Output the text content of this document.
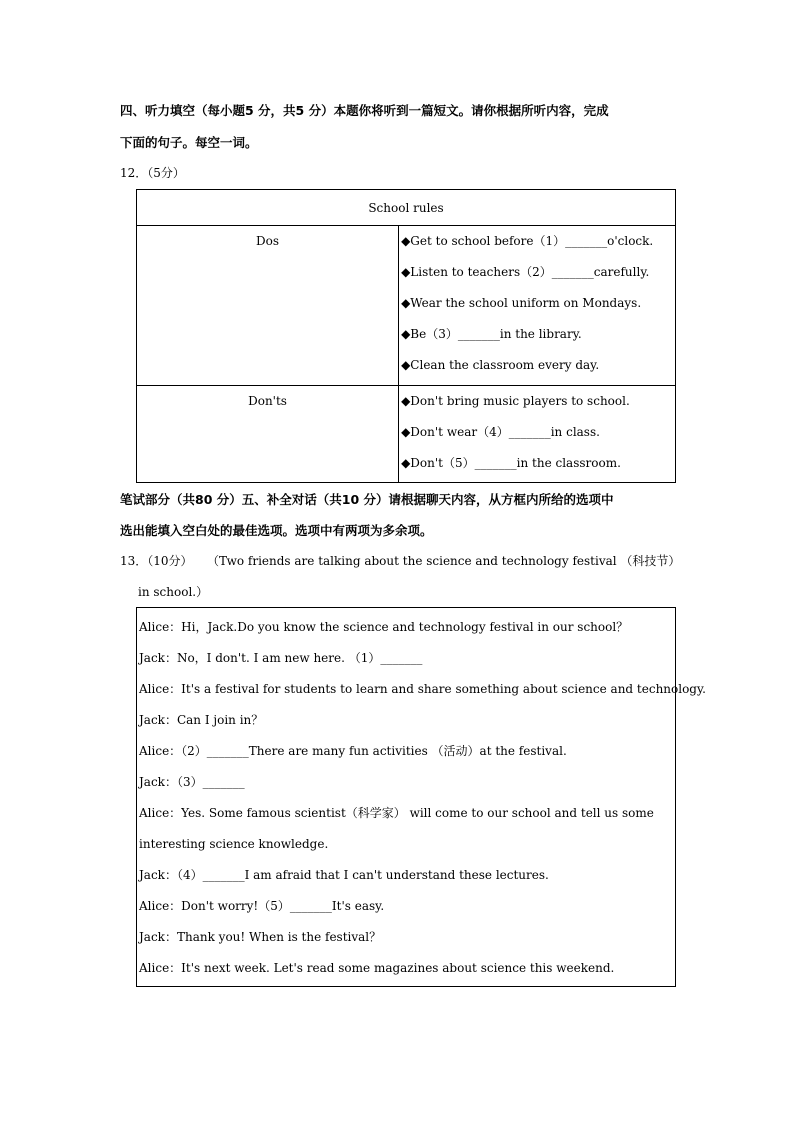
四、听力填空（每小题5 分，共5 分）本题你将听到一篇短文。请你根据所听内容，完成
下面的句子。每空一词。
12．（5分）
School rules	

Dos	◆Get to school before（1）_______o'clock.
◆Listen to teachers（2）_______carefully.
◆Wear the school uniform on Mondays.
◆Be（3）_______in the library.
◆Clean the classroom every day.

Don'ts	◆Don't bring music players to school.
◆Don't wear（4）_______in class.
◆Don't（5）_______in the classroom.
笔试部分（共80 分）五、补全对话（共10 分）请根据聊天内容，从方框内所给的选项中
选出能填入空白处的最佳选项。选项中有两项为多余项。
13．（10分） （Two friends are talking about the science and technology festival （科技节）
in school.）
Alice：Hi，Jack.Do you know the science and technology festival in our school？
Jack：No，I don't. I am new here. （1）_______
Alice：It's a festival for students to learn and share something about science and technology.
Jack：Can I join in？
Alice：（2）_______There are many fun activities （活动）at the festival.
Jack：（3）_______
Alice：Yes. Some famous scientist（科学家） will come to our school and tell us some
interesting science knowledge.
Jack：（4）_______I am afraid that I can't understand these lectures.
Alice：Don't worry!（5）_______It's easy.
Jack：Thank you! When is the festival？
Alice：It's next week. Let's read some magazines about science this weekend.
